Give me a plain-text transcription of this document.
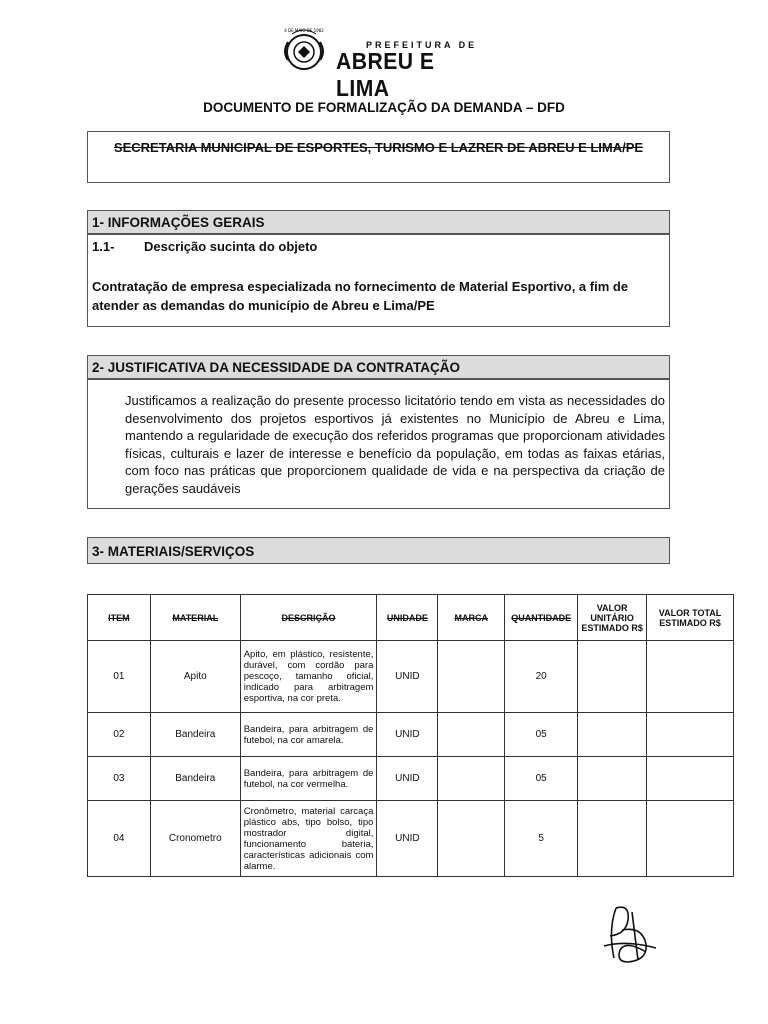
4 DE MAIO DE 1982
PREFEITURA DE
ABREU E LIMA
DOCUMENTO DE FORMALIZAÇÃO DA DEMANDA – DFD
SECRETARIA MUNICIPAL DE ESPORTES, TURISMO E LAZRER DE ABREU E LIMA/PE
1- INFORMAÇÕES GERAIS
1.1- Descrição sucinta do objeto
Contratação de empresa especializada no fornecimento de Material Esportivo, a fim de atender as demandas do município de Abreu e Lima/PE
2- JUSTIFICATIVA DA NECESSIDADE DA CONTRATAÇÃO
Justificamos a realização do presente processo licitatório tendo em vista as necessidades do desenvolvimento dos projetos esportivos já existentes no Município de Abreu e Lima, mantendo a regularidade de execução dos referidos programas que proporcionam atividades físicas, culturais e lazer de interesse e benefício da população, em todas as faixas etárias, com foco nas práticas que proporcionem qualidade de vida e na perspectiva da criação de gerações saudáveis
3- MATERIAIS/SERVIÇOS
ITEM	MATERIAL	DESCRIÇÃO	UNIDADE	MARCA	QUANTIDADE	VALOR UNITÁRIO ESTIMADO R$	VALOR TOTAL ESTIMADO R$
01	Apito	Apito, em plástico, resistente, durável, com cordão para pescoço, tamanho oficial, indicado para arbitragem esportiva, na cor preta.	UNID		20		
02	Bandeira	Bandeira, para arbitragem de futebol, na cor amarela.	UNID		05		
03	Bandeira	Bandeira, para arbitragem de futebol, na cor vermelha.	UNID		05		
04	Cronometro	Cronômetro, material carcaça plástico abs, tipo bolso, tipo mostrador digital, funcionamento bateria, características adicionais com alarme.	UNID		5		
